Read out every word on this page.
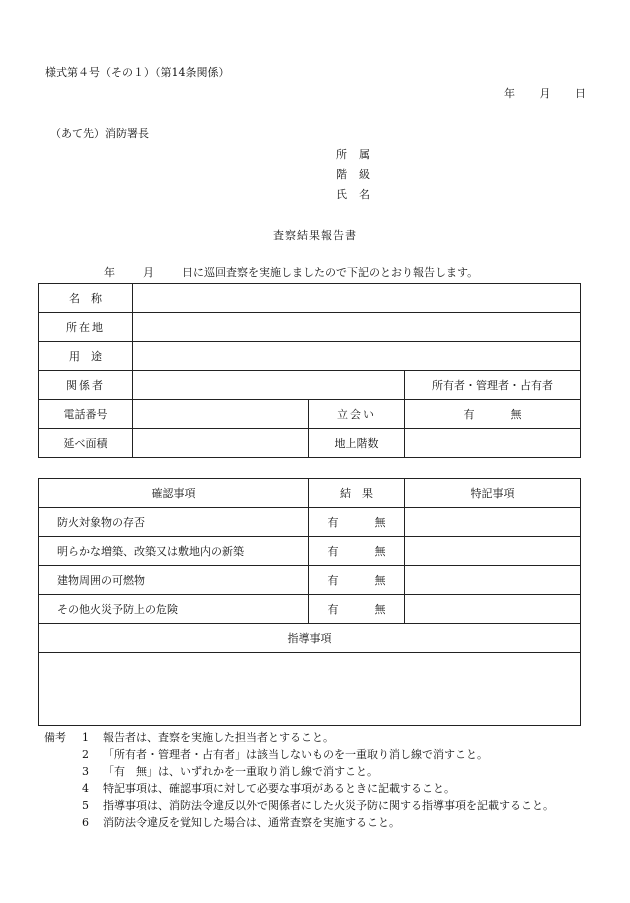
様式第４号（その１）（第14条関係）
年 月 日
（あて先）消防署長
所 属
階 級
氏 名
査察結果報告書
年	月	日に巡回査察を実施しましたので下記のとおり報告します。
名　称			
所在地			
用　途			
関係者			所有者・管理者・占有者
電話番号		立会い	有 無
延べ面積		地上階数	
確認事項	結　果	特記事項
防火対象物の存否	有 無	
明らかな増築、改築又は敷地内の新築	有 無	
建物周囲の可燃物	有 無	
その他火災予防上の危険	有 無	
指導事項		

備考 1 報告者は、査察を実施した担当者とすること。
2 「所有者・管理者・占有者」は該当しないものを一重取り消し線で消すこと。
3 「有　無」は、いずれかを一重取り消し線で消すこと。
4 特記事項は、確認事項に対して必要な事項があるときに記載すること。
5 指導事項は、消防法令違反以外で関係者にした火災予防に関する指導事項を記載すること。
6 消防法令違反を覚知した場合は、通常査察を実施すること。
